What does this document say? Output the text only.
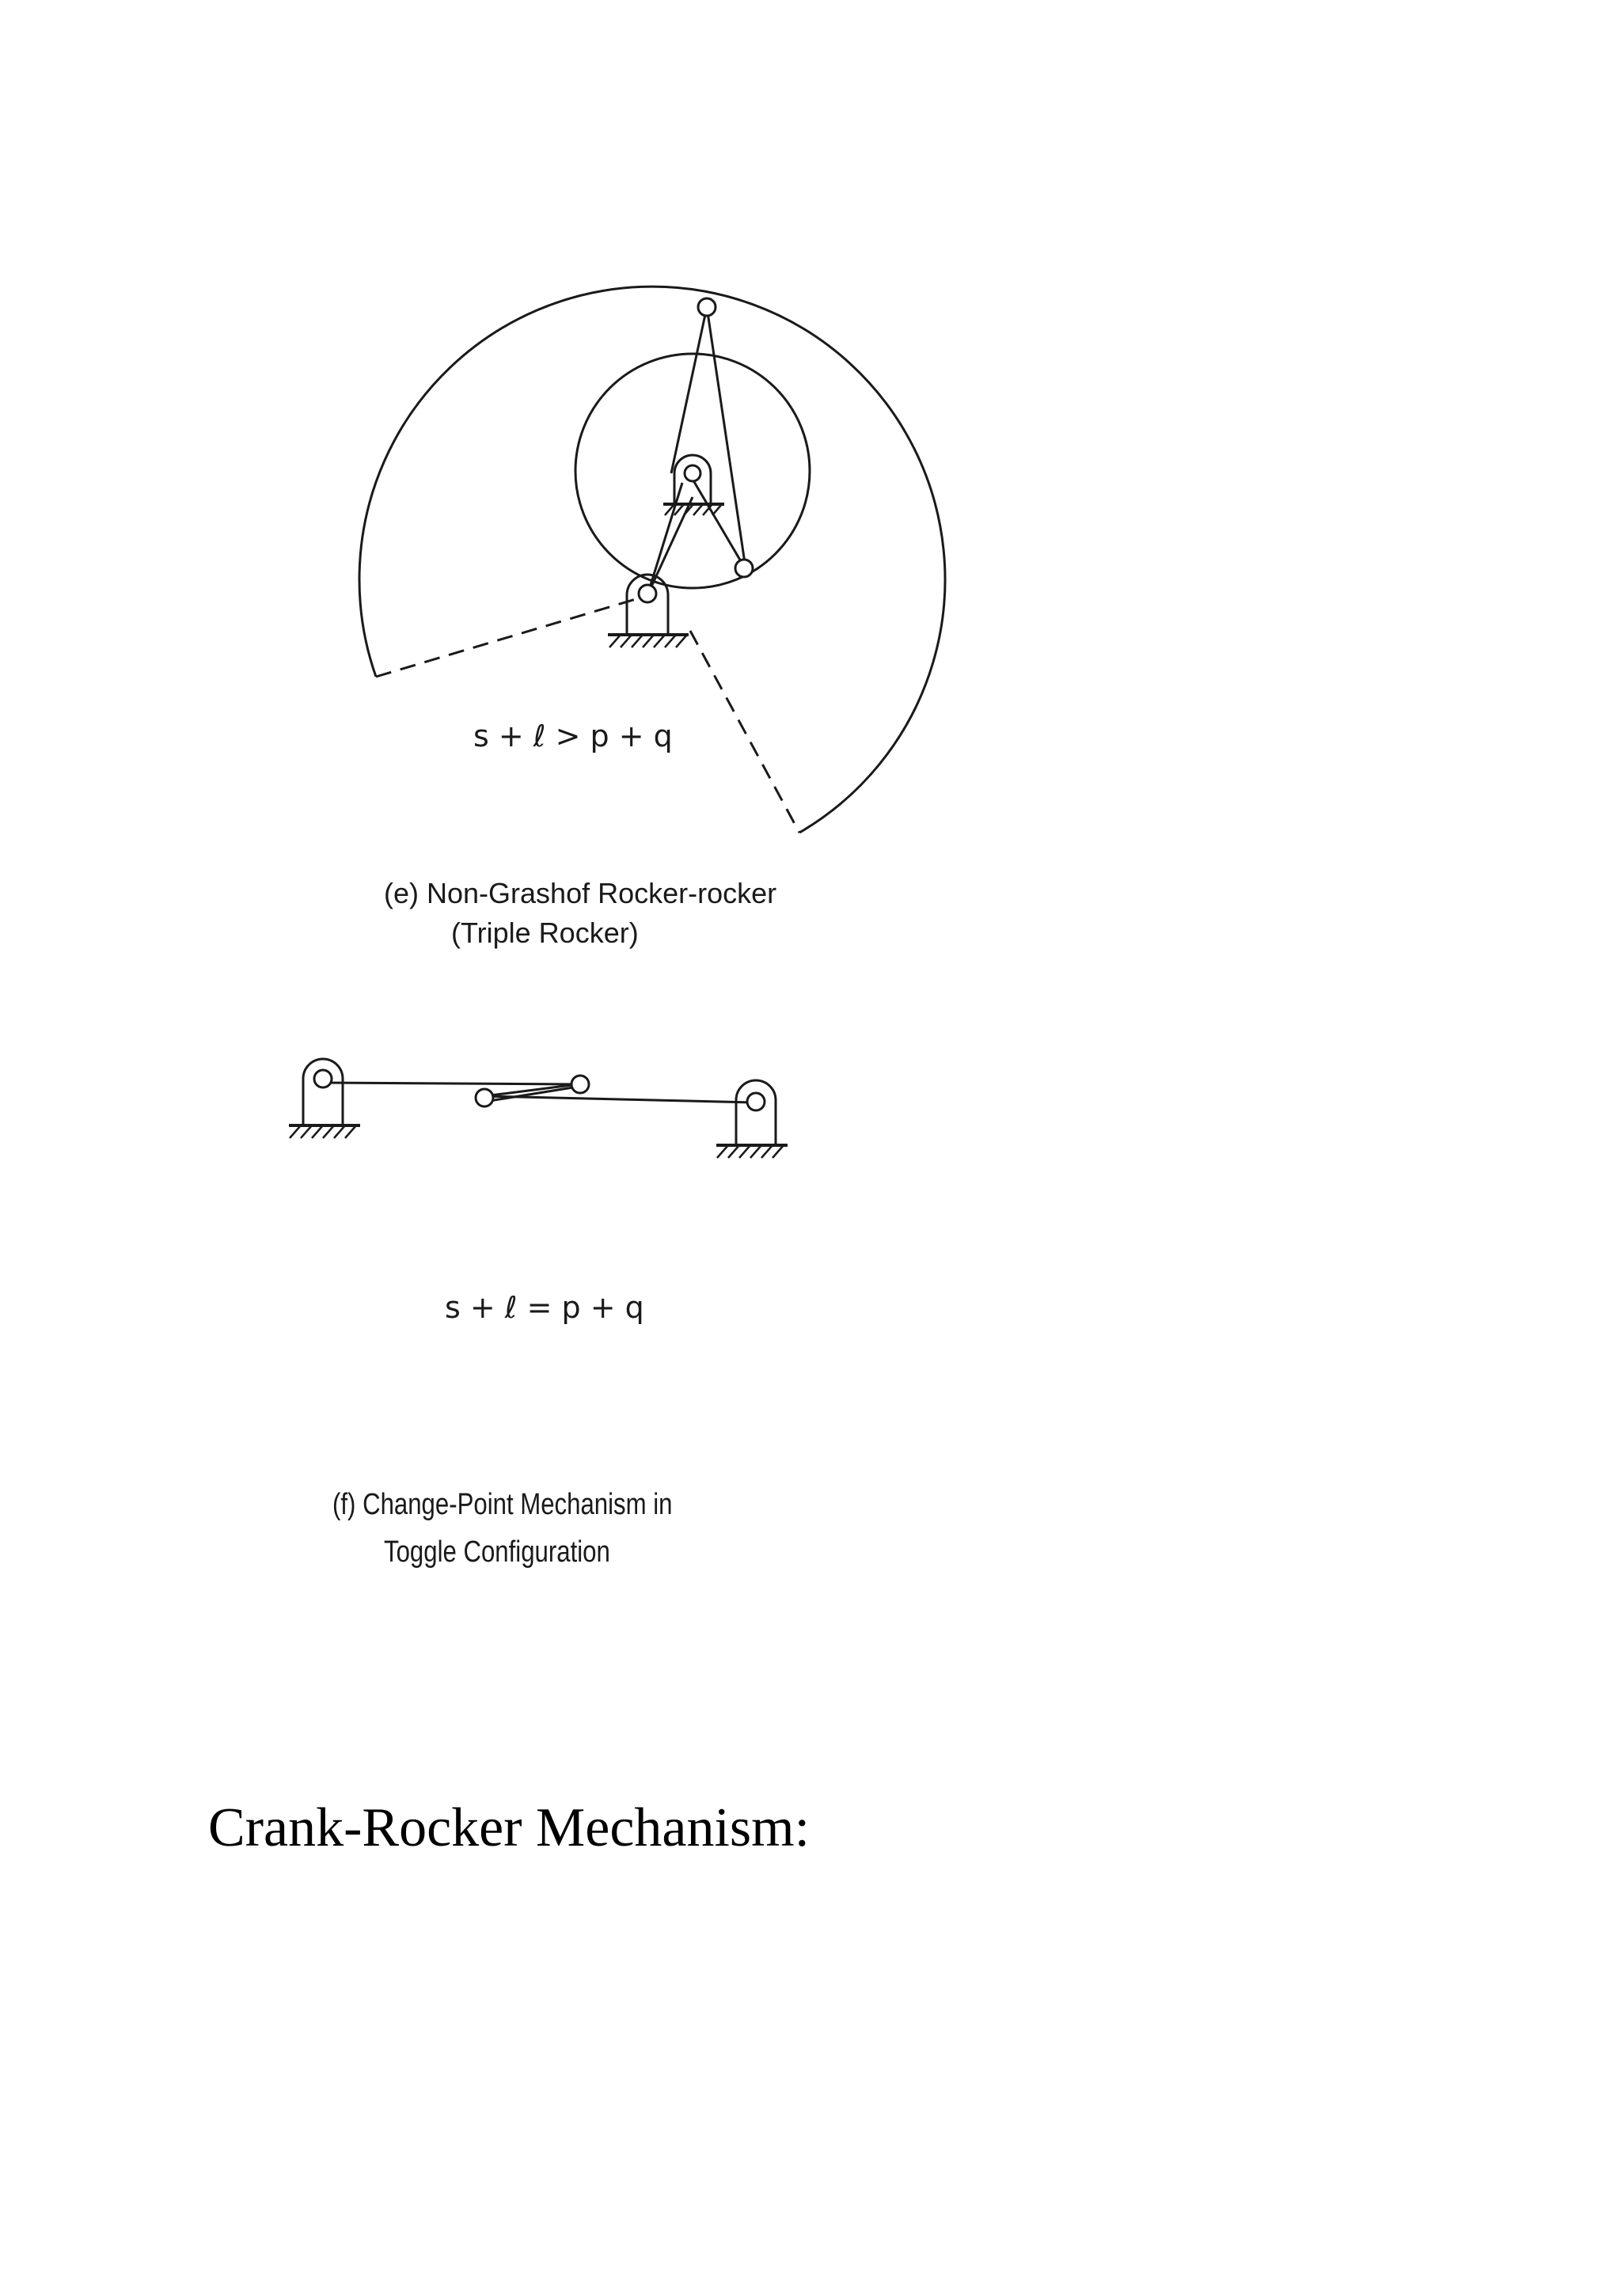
s + ℓ > p + q
(e) Non-Grashof Rocker-rocker
(Triple Rocker)
s + ℓ = p + q
(f) Change-Point Mechanism in
Toggle Configuration
Crank-Rocker Mechanism:
